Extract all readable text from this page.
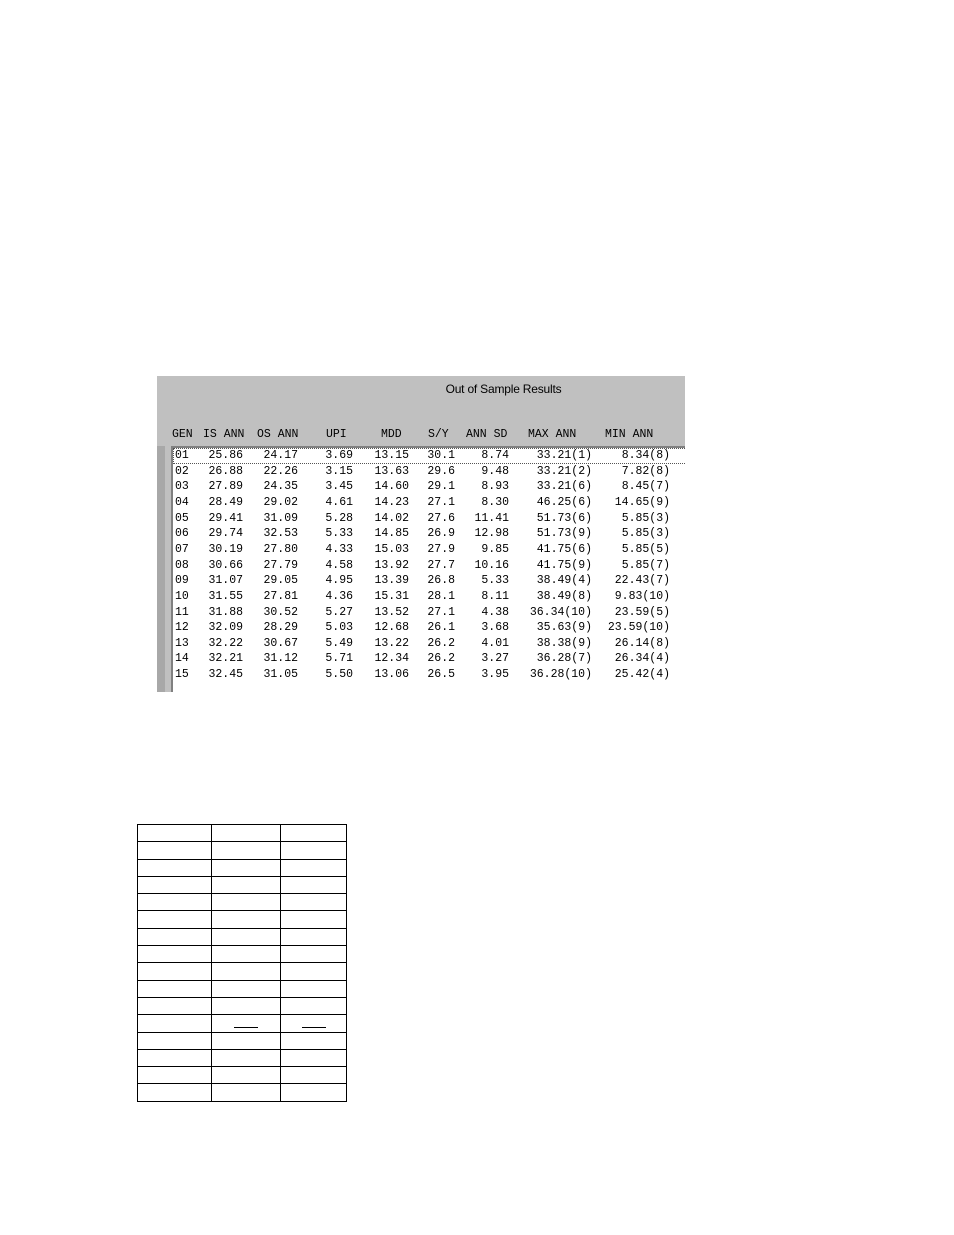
Out of Sample Results
GEN IS ANN OS ANN UPI	MDD S/Y ANN SD MAX ANN MIN ANN
01 25.86 24.17 3.69 13.15 30.1 8.74 33.21(1)	8.34(8)
02 26.88 22.26 3.15 13.63 29.6 9.48 33.21(2)	7.82(8)
03 27.89 24.35 3.45 14.60 29.1 8.93 33.21(6)	8.45(7)
04 28.49 29.02 4.61 14.23 27.1 8.30 46.25(6) 14.65(9)
05 29.41 31.09 5.28 14.02 27.6 11.41 51.73(6)	5.85(3)
06 29.74 32.53 5.33 14.85 26.9 12.98 51.73(9)	5.85(3)
07 30.19 27.80 4.33 15.03 27.9 9.85 41.75(6)	5.85(5)
08 30.66 27.79 4.58 13.92 27.7 10.16 41.75(9)	5.85(7)
09 31.07 29.05 4.95 13.39 26.8 5.33 38.49(4) 22.43(7)
10 31.55 27.81 4.36 15.31 28.1 8.11 38.49(8) 9.83(10)
11 31.88 30.52 5.27 13.52 27.1 4.38 36.34(10) 23.59(5)
12 32.09 28.29 5.03 12.68 26.1 3.68 35.63(9) 23.59(10)
13 32.22 30.67 5.49 13.22 26.2 4.01 38.38(9) 26.14(8)
14 32.21 31.12 5.71 12.34 26.2 3.27 36.28(7) 26.34(4)
15 32.45 31.05 5.50 13.06 26.5 3.95 36.28(10) 25.42(4)
